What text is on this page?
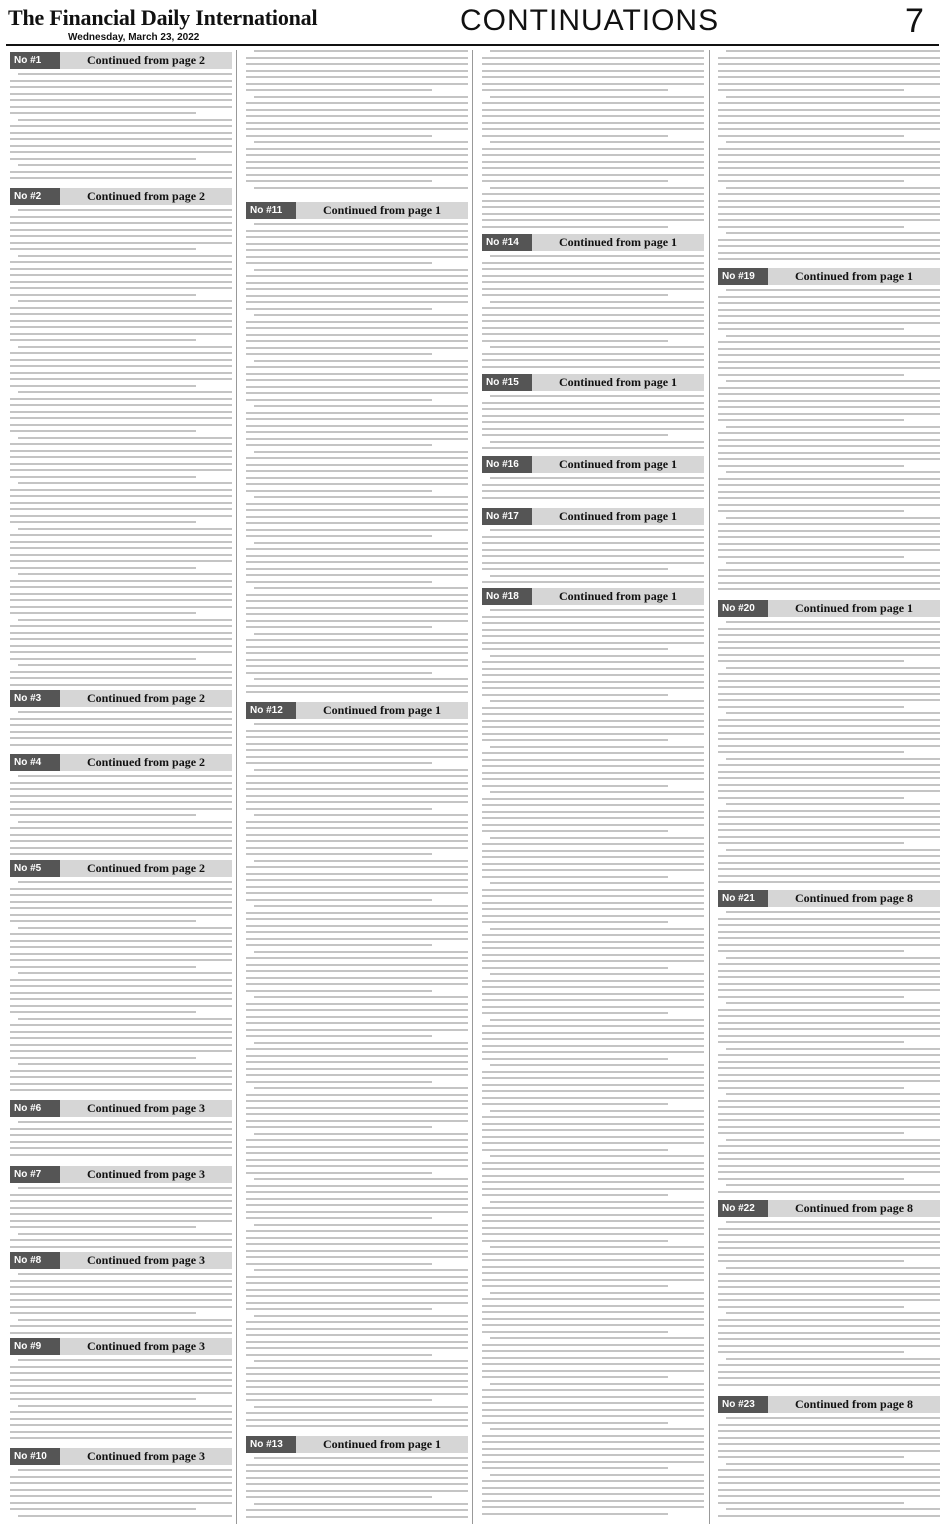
The Financial Daily International
Wednesday, March 23, 2022
CONTINUATIONS	7
No #1	Continued from page 2
No #2	Continued from page 2
No #3	Continued from page 2
No #4	Continued from page 2
No #5	Continued from page 2
No #6	Continued from page 3
No #7	Continued from page 3
No #8	Continued from page 3
No #9	Continued from page 3
No #10	Continued from page 3
No #11	Continued from page 1
No #12	Continued from page 1
No #13	Continued from page 1
No #14	Continued from page 1
No #15	Continued from page 1
No #16	Continued from page 1
No #17	Continued from page 1
No #18	Continued from page 1
No #19	Continued from page 1
No #20	Continued from page 1
No #21	Continued from page 8
No #22	Continued from page 8
No #23	Continued from page 8
